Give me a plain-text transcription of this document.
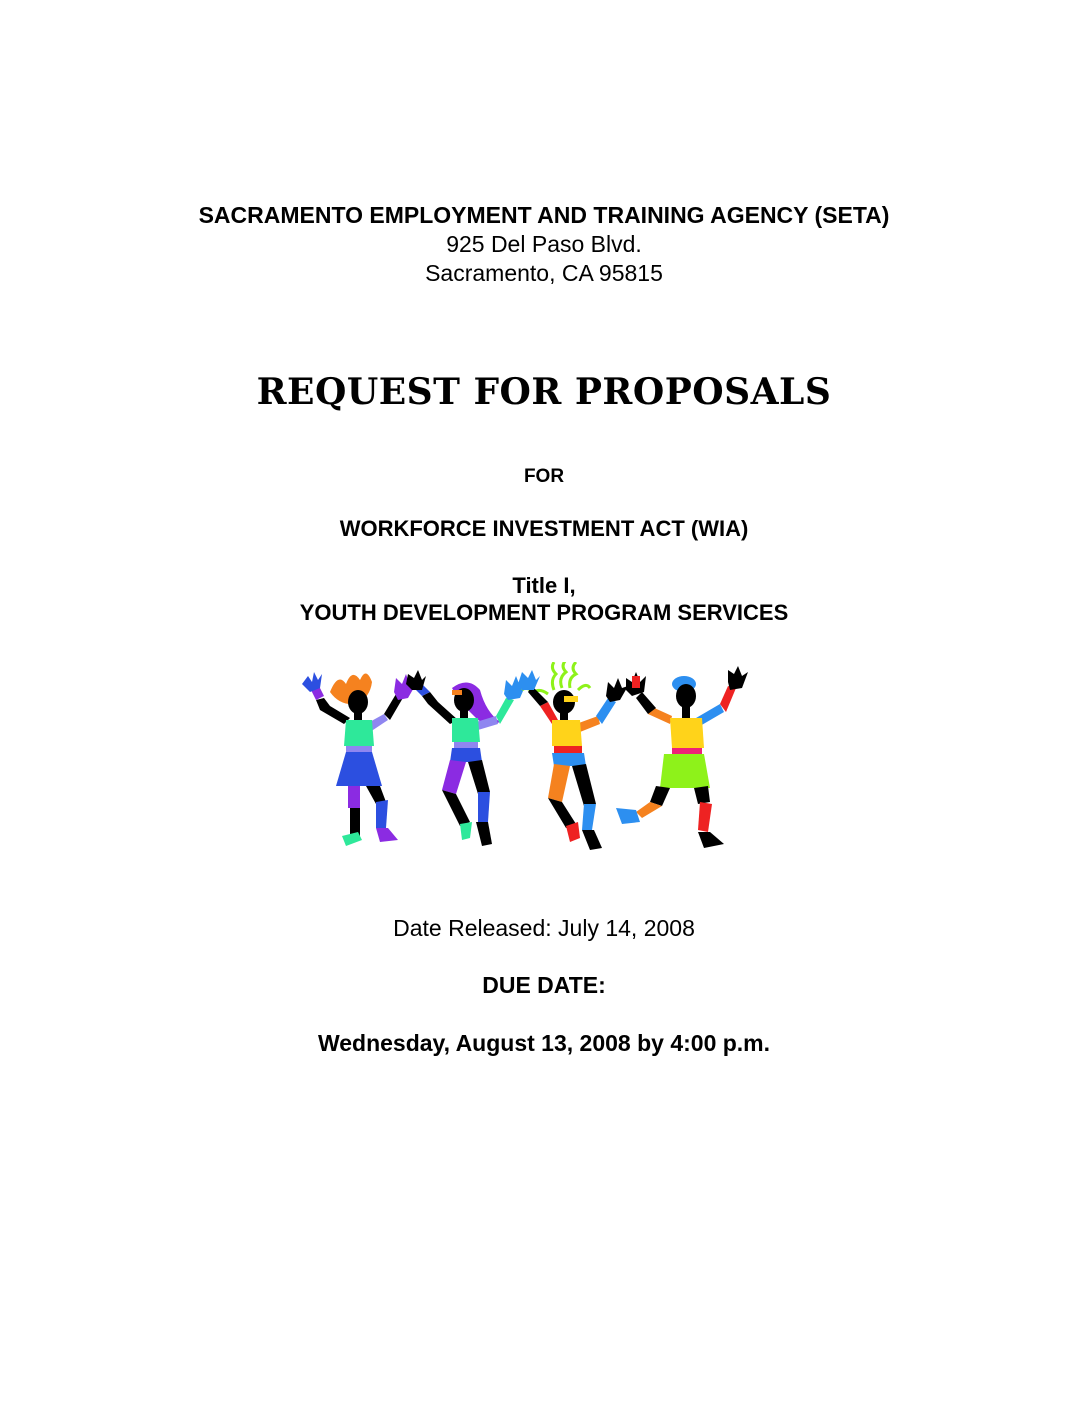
SACRAMENTO EMPLOYMENT AND TRAINING AGENCY (SETA)
925 Del Paso Blvd.
Sacramento, CA 95815
REQUEST FOR PROPOSALS
FOR
WORKFORCE INVESTMENT ACT (WIA)
Title I,
YOUTH DEVELOPMENT PROGRAM SERVICES
Date Released: July 14, 2008
DUE DATE:
Wednesday, August 13, 2008 by 4:00 p.m.
